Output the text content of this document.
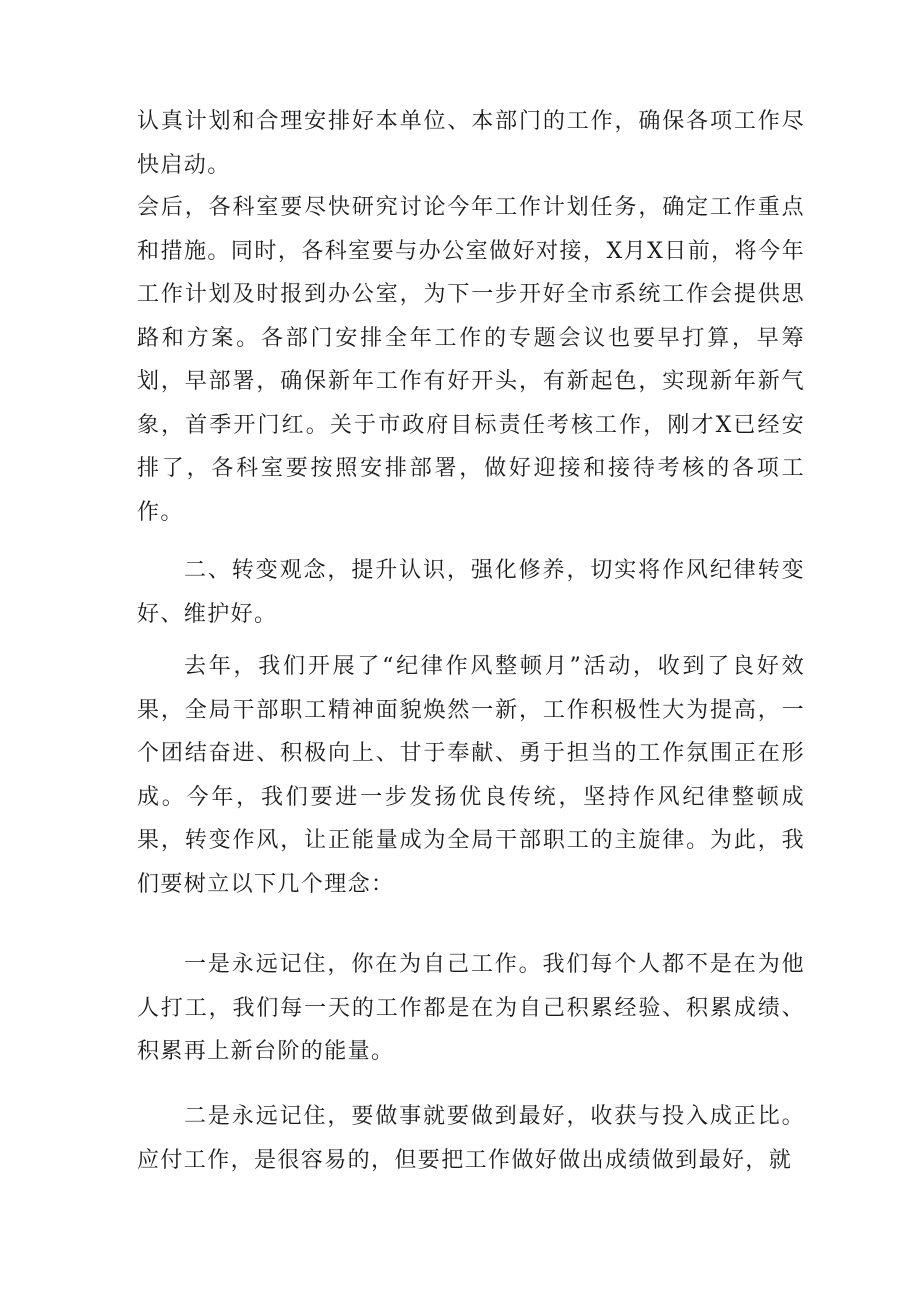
认真计划和合理安排好本单位、本部门的工作，确保各项工作尽快启动。

会后，各科室要尽快研究讨论今年工作计划任务，确定工作重点和措施。同时，各科室要与办公室做好对接，X月X日前，将今年工作计划及时报到办公室，为下一步开好全市系统工作会提供思路和方案。各部门安排全年工作的专题会议也要早打算，早筹划，早部署，确保新年工作有好开头，有新起色，实现新年新气象，首季开门红。关于市政府目标责任考核工作，刚才X已经安排了，各科室要按照安排部署，做好迎接和接待考核的各项工作。

二、转变观念，提升认识，强化修养，切实将作风纪律转变好、维护好。

去年，我们开展了“纪律作风整顿月”活动，收到了良好效果，全局干部职工精神面貌焕然一新，工作积极性大为提高，一个团结奋进、积极向上、甘于奉献、勇于担当的工作氛围正在形成。今年，我们要进一步发扬优良传统，坚持作风纪律整顿成果，转变作风，让正能量成为全局干部职工的主旋律。为此，我们要树立以下几个理念：

一是永远记住，你在为自己工作。我们每个人都不是在为他人打工，我们每一天的工作都是在为自己积累经验、积累成绩、积累再上新台阶的能量。

二是永远记住，要做事就要做到最好，收获与投入成正比。应付工作，是很容易的，但要把工作做好做出成绩做到最好，就
